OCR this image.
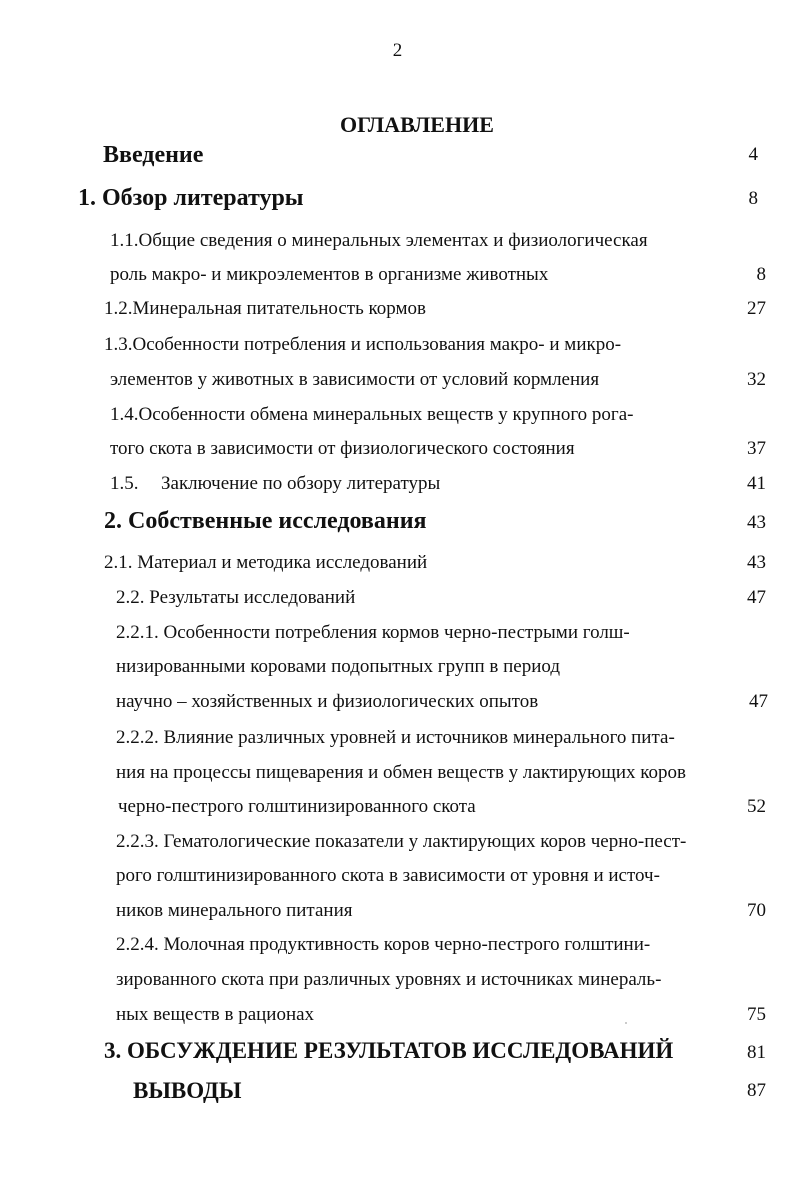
2
ОГЛАВЛЕНИЕ
Введение	4
1. Обзор литературы	8
1.1.Общие сведения о минеральных элементах и физиологическая
роль макро- и микроэлементов в организме животных	8
1.2.Минеральная питательность кормов	27
1.3.Особенности потребления и использования макро- и микро-
элементов у животных в зависимости от условий кормления	32
1.4.Особенности обмена минеральных веществ у крупного рога-
того скота в зависимости от физиологического состояния	37
1.5. Заключение по обзору литературы	41
2. Собственные исследования	43
2.1. Материал и методика исследований	43
2.2. Результаты исследований	47
2.2.1. Особенности потребления кормов черно-пестрыми голш-
низированными коровами подопытных групп в период
научно – хозяйственных и физиологических опытов	47
2.2.2. Влияние различных уровней и источников минерального пита-
ния на процессы пищеварения и обмен веществ у лактирующих коров
черно-пестрого голштинизированного скота	52
2.2.3. Гематологические показатели у лактирующих коров черно-пест-
рого голштинизированного скота в зависимости от уровня и источ-
ников минерального питания	70
2.2.4. Молочная продуктивность коров черно-пестрого голштини-
зированного скота при различных уровнях и источниках минераль-
ных веществ в рационах	75
3. ОБСУЖДЕНИЕ РЕЗУЛЬТАТОВ ИССЛЕДОВАНИЙ	81
ВЫВОДЫ	87
